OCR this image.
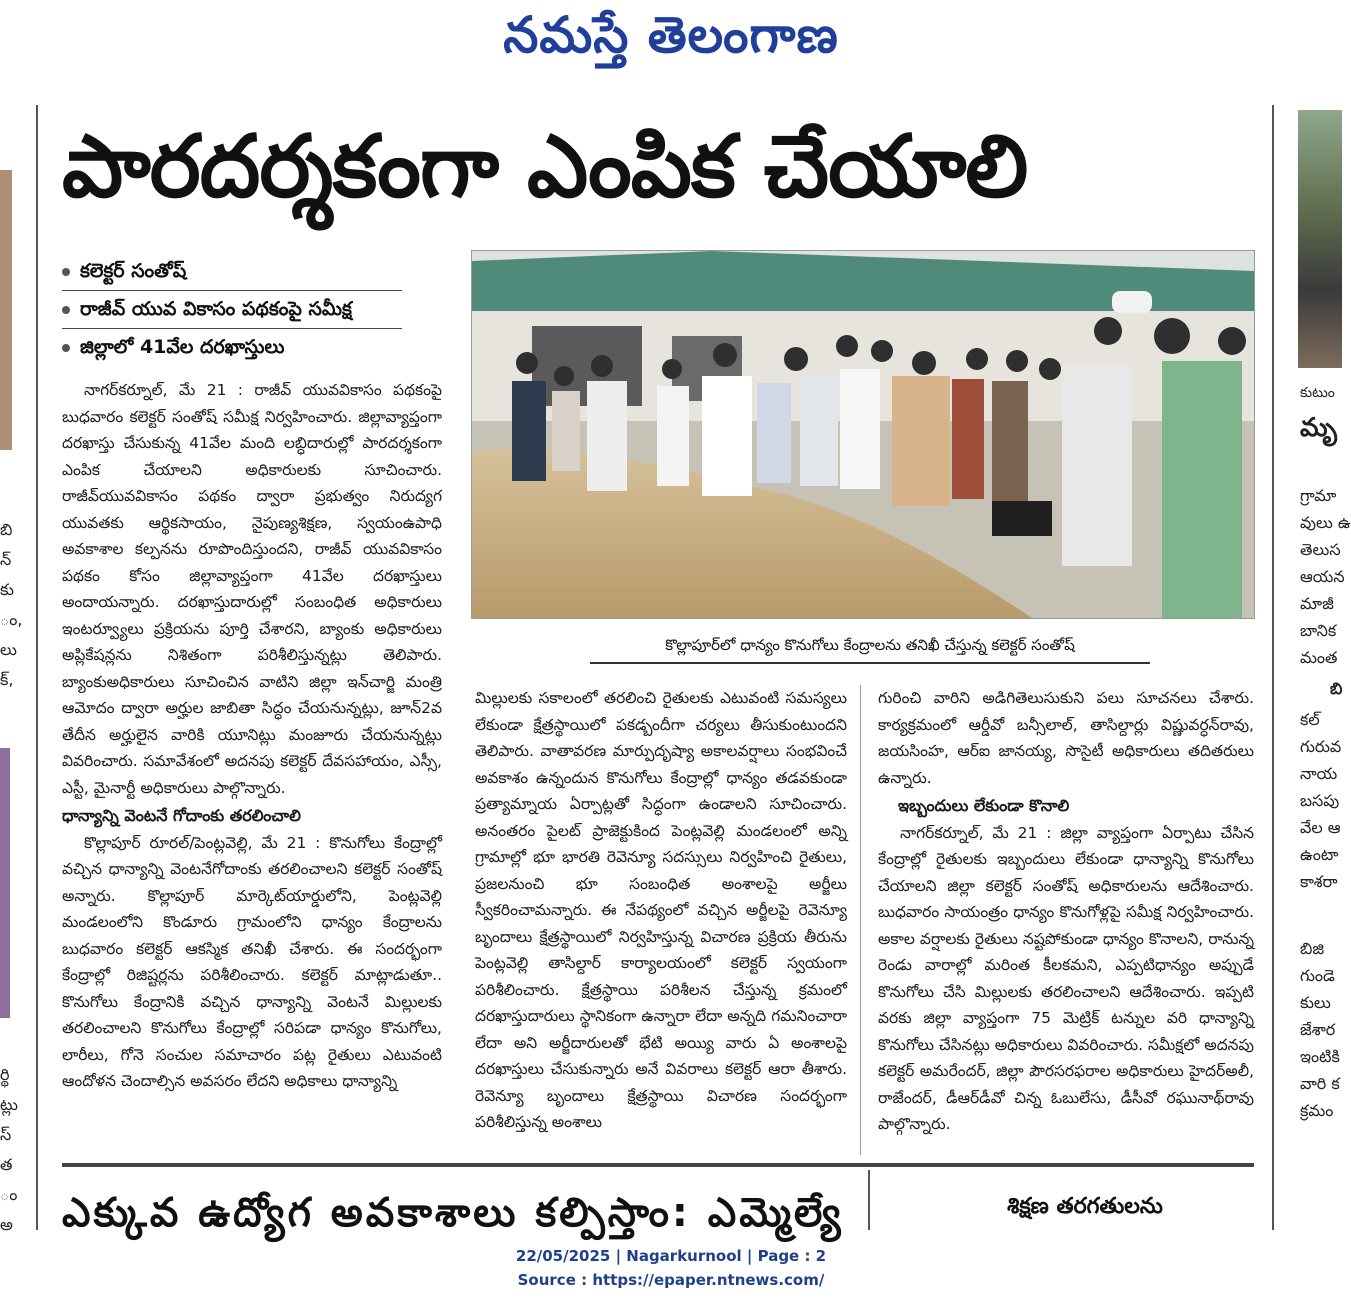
నమస్తే తెలంగాణ
బి
న్
కు
ం,
లు
క్,
ర్థి
ట్లు
స్
త
ం
అ
కుటుం
మృ
గ్రామా
వులు ఉ
తెలుస
ఆయన
మాజీ
బానిక
మంత
బి
కల్
గురువ
నాయ
బసపు
వేల ఆ
ఉంటా
కాశరా
బిజి
గుండె
కులు
జేశార
ఇంటికి
వారి క
క్రమం
పారదర్శకంగా ఎంపిక చేయాలి
కలెక్టర్ సంతోష్
రాజీవ్ యువ వికాసం పథకంపై సమీక్ష
జిల్లాలో 41వేల దరఖాస్తులు
కొల్లాపూర్‌లో ధాన్యం కొనుగోలు కేంద్రాలను తనిఖీ చేస్తున్న కలెక్టర్ సంతోష్

నాగర్‌కర్నూల్, మే 21 : రాజీవ్ యువవికాసం పథకంపై బుధవారం కలెక్టర్ సంతోష్ సమీక్ష నిర్వహించారు. జిల్లావ్యాప్తంగా దరఖాస్తు చేసుకున్న 41వేల మంది లబ్ధిదారుల్లో పారదర్శకంగా ఎంపిక చేయాలని అధికారులకు సూచించారు. రాజీవ్‌యువవికాసం పథకం ద్వారా ప్రభుత్వం నిరుద్యగ యువతకు ఆర్థికసాయం, నైపుణ్యశిక్షణ, స్వయంఉపాధి అవకాశాల కల్పనను రూపొందిస్తుందని, రాజీవ్ యువవికాసం పథకం కోసం జిల్లావ్యాప్తంగా 41వేల దరఖాస్తులు అందాయన్నారు. దరఖాస్తుదారుల్లో సంబంధిత అధికారులు ఇంటర్వ్యూలు ప్రక్రియను పూర్తి చేశారని, బ్యాంకు అధికారులు అప్లికేషన్లను నిశితంగా పరిశీలిస్తున్నట్లు తెలిపారు. బ్యాంకుఅధికారులు సూచించిన వాటిని జిల్లా ఇన్‌చార్జి మంత్రి ఆమోదం ద్వారా అర్హుల జాబితా సిద్ధం చేయనున్నట్లు, జూన్2వ తేదీన అర్హులైన వారికి యూనిట్లు మంజూరు చేయనున్నట్లు వివరించారు. సమావేశంలో అదనపు కలెక్టర్ దేవసహాయం, ఎస్సీ, ఎస్టీ, మైనార్టీ అధికారులు పాల్గొన్నారు.

ధాన్యాన్ని వెంటనే గోదాంకు తరలించాలి

కొల్లాపూర్ రూరల్/పెంట్లవెల్లి, మే 21 : కొనుగోలు కేంద్రాల్లో వచ్చిన ధాన్యాన్ని వెంటనేగోదాంకు తరలించాలని కలెక్టర్ సంతోష్ అన్నారు. కొల్లాపూర్ మార్కెట్‌యార్డులోని, పెంట్లవెల్లి మండలంలోని కొండూరు గ్రామంలోని ధాన్యం కేంద్రాలను బుధవారం కలెక్టర్ ఆకస్మిక తనిఖీ చేశారు. ఈ సందర్భంగా కేంద్రాల్లో రిజిష్టర్లను పరిశీలించారు. కలెక్టర్ మాట్లాడుతూ.. కొనుగోలు కేంద్రానికి వచ్చిన ధాన్యాన్ని వెంటనే మిల్లులకు తరలించాలని కొనుగోలు కేంద్రాల్లో సరిపడా ధాన్యం కొనుగోలు, లారీలు, గోనె సంచుల సమాచారం పట్ల రైతులు ఎటువంటి ఆందోళన చెందాల్సిన అవసరం లేదని అధికాలు ధాన్యాన్ని

మిల్లులకు సకాలంలో తరలించి రైతులకు ఎటువంటి సమస్యలు లేకుండా క్షేత్రస్థాయిలో పకడ్బందీగా చర్యలు తీసుకుంటుందని తెలిపారు. వాతావరణ మార్పుదృష్యా అకాలవర్షాలు సంభవించే అవకాశం ఉన్నందున కొనుగోలు కేంద్రాల్లో ధాన్యం తడవకుండా ప్రత్యామ్నాయ ఏర్పాట్లతో సిద్ధంగా ఉండాలని సూచించారు. అనంతరం పైలట్ ప్రాజెక్టుకింద పెంట్లవెల్లి మండలంలో అన్ని గ్రామాల్లో భూ భారతి రెవెన్యూ సదస్సులు నిర్వహించి రైతులు, ప్రజలనుంచి భూ సంబంధిత అంశాలపై అర్జీలు స్వీకరించామన్నారు. ఈ నేపథ్యంలో వచ్చిన అర్జీలపై రెవెన్యూ బృందాలు క్షేత్రస్థాయిలో నిర్వహిస్తున్న విచారణ ప్రక్రియ తీరును పెంట్లవెల్లి తాసిల్దార్ కార్యాలయంలో కలెక్టర్ స్వయంగా పరిశీలించారు. క్షేత్రస్థాయి పరిశీలన చేస్తున్న క్రమంలో దరఖాస్తుదారులు స్థానికంగా ఉన్నారా లేదా అన్నది గమనించారా లేదా అని అర్జీదారులతో భేటి అయ్యి వారు ఏ అంశాలపై దరఖాస్తులు చేసుకున్నారు అనే వివరాలు కలెక్టర్ ఆరా తీశారు. రెవెన్యూ బృందాలు క్షేత్రస్థాయి విచారణ సందర్భంగా పరిశీలిస్తున్న అంశాలు

గురించి వారిని అడిగితెలుసుకుని పలు సూచనలు చేశారు. కార్యక్రమంలో ఆర్డీవో బన్సీలాల్, తాసిల్దార్లు విష్ణువర్ధన్‌రావు, జయసింహ, ఆర్‌ఐ జానయ్య, సొసైటీ అధికారులు తదితరులు ఉన్నారు.

ఇబ్బందులు లేకుండా కొనాలి

నాగర్‌కర్నూల్, మే 21 : జిల్లా వ్యాప్తంగా ఏర్పాటు చేసిన కేంద్రాల్లో రైతులకు ఇబ్బందులు లేకుండా ధాన్యాన్ని కొనుగోలు చేయాలని జిల్లా కలెక్టర్ సంతోష్ అధికారులను ఆదేశించారు. బుధవారం సాయంత్రం ధాన్యం కొనుగోళ్లపై సమీక్ష నిర్వహించారు. అకాల వర్షాలకు రైతులు నష్టపోకుండా ధాన్యం కొనాలని, రానున్న రెండు వారాల్లో మరింత కీలకమని, ఎప్పటిధాన్యం అప్పుడే కొనుగోలు చేసి మిల్లులకు తరలించాలని ఆదేశించారు. ఇప్పటి వరకు జిల్లా వ్యాప్తంగా 75 మెట్రిక్ టన్నుల వరి ధాన్యాన్ని కొనుగోలు చేసినట్లు అధికారులు వివరించారు. సమీక్షలో అదనపు కలెక్టర్ అమరేందర్, జిల్లా పౌరసరఫరాల అధికారులు హైదర్‌అలీ, రాజేందర్, డీఆర్‌డీవో చిన్న ఓబులేసు, డీసీవో రఘునాథ్‌రావు పాల్గొన్నారు.

ఎక్కువ ఉద్యోగ అవకాశాలు కల్పిస్తాం: ఎమ్మెల్యే	శిక్షణ తరగతులను
22/05/2025 | Nagarkurnool | Page : 2
Source : https://epaper.ntnews.com/
